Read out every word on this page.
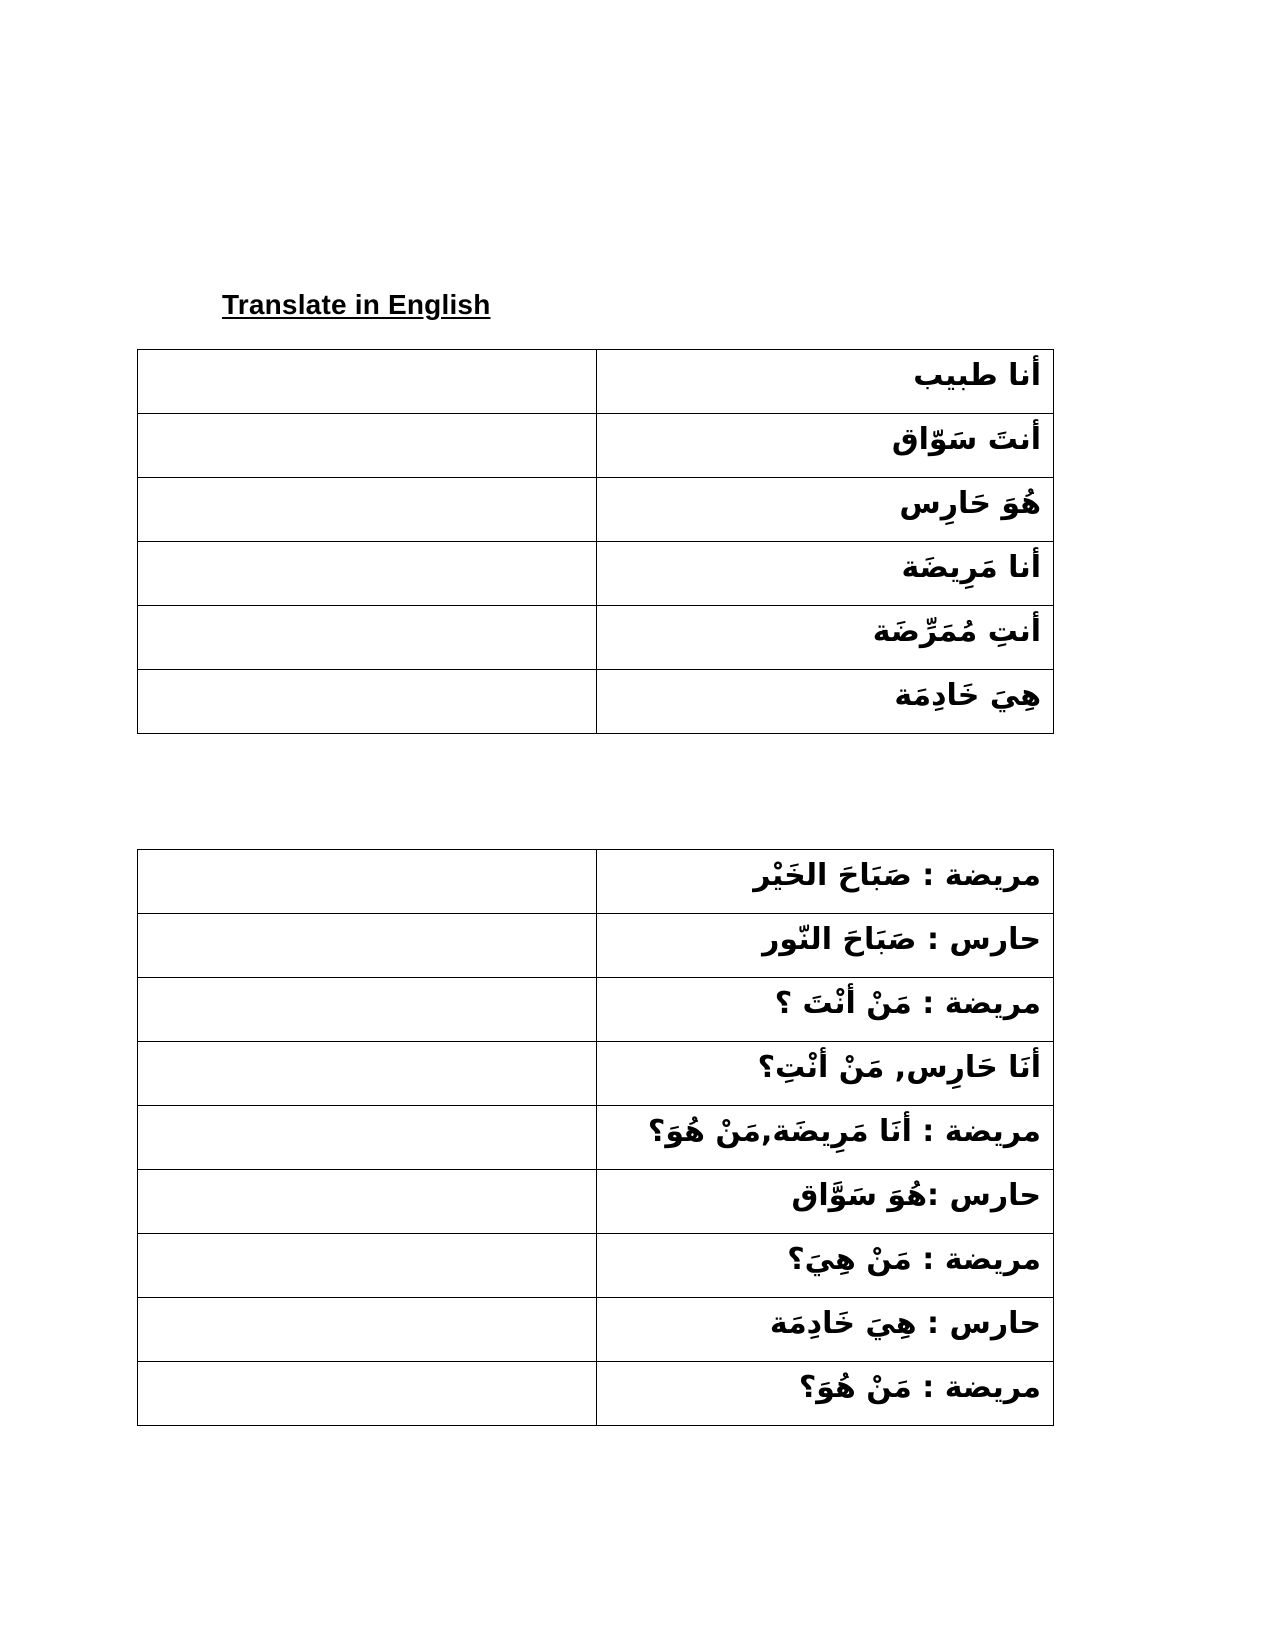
Translate in English
	أنا طبيب
	أنتَ سَوّاق
	هُوَ حَارِس
	أنا مَرِيضَة
	أنتِ مُمَرِّضَة
	هِيَ خَادِمَة
	مريضة : صَبَاحَ الخَيْر
	حارس : صَبَاحَ النّور
	مريضة : مَنْ أنْتَ ؟
	أنَا حَارِس, مَنْ أنْتِ؟
	مريضة : أنَا مَرِيضَة,مَنْ هُوَ؟
	حارس :هُوَ سَوَّاق
	مريضة : مَنْ هِيَ؟
	حارس : هِيَ خَادِمَة
	مريضة : مَنْ هُوَ؟
